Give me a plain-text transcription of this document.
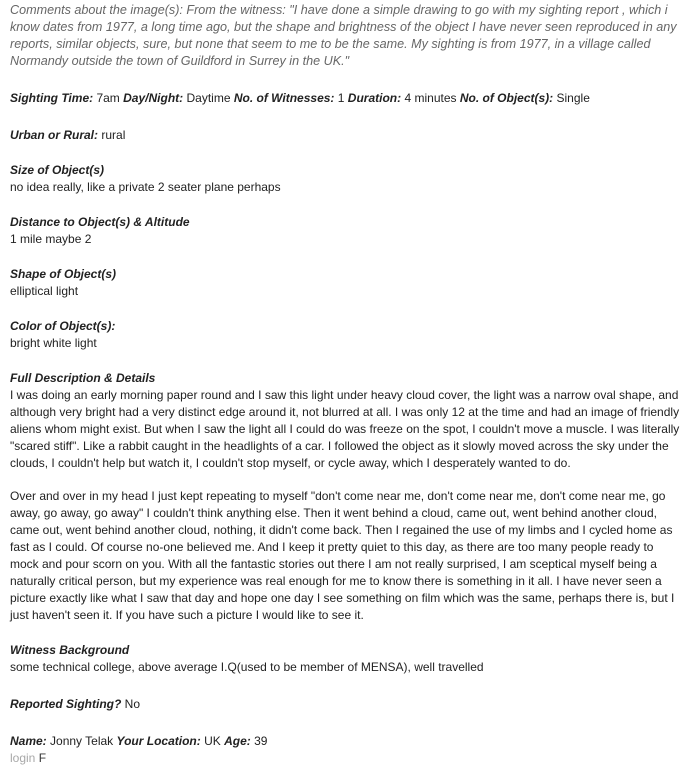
Comments about the image(s): From the witness: "I have done a simple drawing to go with my sighting report , which i know dates from 1977, a long time ago, but the shape and brightness of the object I have never seen reproduced in any reports, similar objects, sure, but none that seem to me to be the same. My sighting is from 1977, in a village called Normandy outside the town of Guildford in Surrey in the UK."

Sighting Time: 7am Day/Night: Daytime No. of Witnesses: 1 Duration: 4 minutes No. of Object(s): Single

Urban or Rural: rural

Size of Object(s)

no idea really, like a private 2 seater plane perhaps

Distance to Object(s) & Altitude

1 mile maybe 2

Shape of Object(s)

elliptical light

Color of Object(s):

bright white light

Full Description & Details

I was doing an early morning paper round and I saw this light under heavy cloud cover, the light was a narrow oval shape, and although very bright had a very distinct edge around it, not blurred at all. I was only 12 at the time and had an image of friendly aliens whom might exist. But when I saw the light all I could do was freeze on the spot, I couldn't move a muscle. I was literally "scared stiff". Like a rabbit caught in the headlights of a car. I followed the object as it slowly moved across the sky under the clouds, I couldn't help but watch it, I couldn't stop myself, or cycle away, which I desperately wanted to do.

Over and over in my head I just kept repeating to myself "don't come near me, don't come near me, don't come near me, go away, go away, go away" I couldn't think anything else. Then it went behind a cloud, came out, went behind another cloud, came out, went behind another cloud, nothing, it didn't come back. Then I regained the use of my limbs and I cycled home as fast as I could. Of course no-one believed me. And I keep it pretty quiet to this day, as there are too many people ready to mock and pour scorn on you. With all the fantastic stories out there I am not really surprised, I am sceptical myself being a naturally critical person, but my experience was real enough for me to know there is something in it all. I have never seen a picture exactly like what I saw that day and hope one day I see something on film which was the same, perhaps there is, but I just haven't seen it. If you have such a picture I would like to see it.

Witness Background

some technical college, above average I.Q(used to be member of MENSA), well travelled

Reported Sighting? No

Name: Jonny Telak Your Location: UK Age: 39

login F
